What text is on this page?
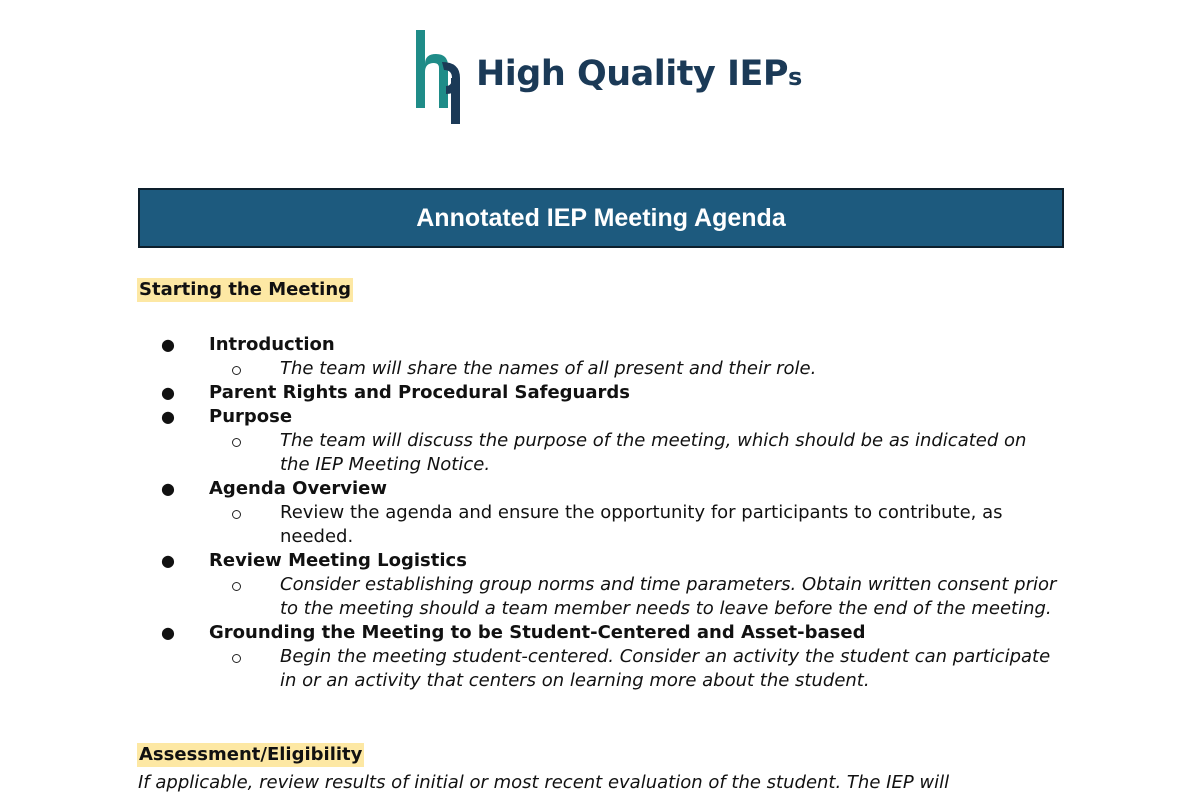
High Quality IEPs
Annotated IEP Meeting Agenda
Starting the Meeting
● Introduction
The team will share the names of all present and their role.
● Parent Rights and Procedural Safeguards
● Purpose
The team will discuss the purpose of the meeting, which should be as indicated on the IEP Meeting Notice.
● Agenda Overview
Review the agenda and ensure the opportunity for participants to contribute, as needed.
● Review Meeting Logistics
Consider establishing group norms and time parameters. Obtain written consent prior to the meeting should a team member needs to leave before the end of the meeting.
● Grounding the Meeting to be Student-Centered and Asset-based
Begin the meeting student-centered. Consider an activity the student can participate in or an activity that centers on learning more about the student.
Assessment/Eligibility
If applicable, review results of initial or most recent evaluation of the student. The IEP will
